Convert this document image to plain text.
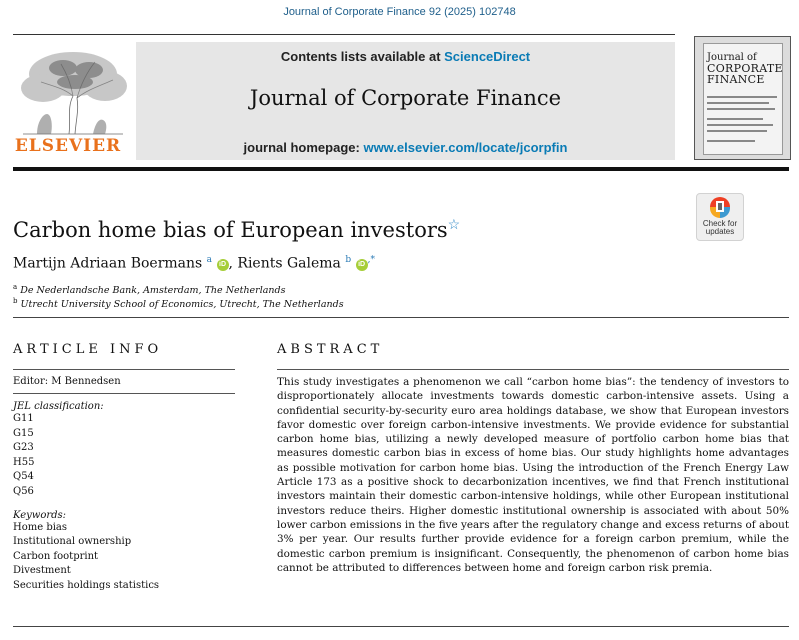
Journal of Corporate Finance 92 (2025) 102748
ELSEVIER
Contents lists available at ScienceDirect
Journal of Corporate Finance
journal homepage: www.elsevier.com/locate/jcorpfin
Journal of
CORPORATE
FINANCE
Check for
updates
Carbon home bias of European investors☆
Martijn Adriaan Boermans $^a$ iD , Rients Galema $^b$ iD ,*
$^a$ De Nederlandsche Bank, Amsterdam, The Netherlands
$^b$ Utrecht University School of Economics, Utrecht, The Netherlands
ARTICLE INFO	ABSTRACT
Editor: M Bennedsen
JEL classification:
G11
G15
G23
H55
Q54
Q56
Keywords:
Home bias
Institutional ownership
Carbon footprint
Divestment
Securities holdings statistics
This study investigates a phenomenon we call “carbon home bias”: the tendency of investors to disproportionately allocate investments towards domestic carbon-intensive assets. Using a confidential security-by-security euro area holdings database, we show that European investors favor domestic over foreign carbon-intensive investments. We provide evidence for substantial carbon home bias, utilizing a newly developed measure of portfolio carbon home bias that measures domestic carbon bias in excess of home bias. Our study highlights home advantages as possible motivation for carbon home bias. Using the introduction of the French Energy Law Article 173 as a positive shock to decarbonization incentives, we find that French institutional investors maintain their domestic carbon-intensive holdings, while other European institutional investors reduce theirs. Higher domestic institutional ownership is associated with about 50% lower carbon emissions in the five years after the regulatory change and excess returns of about 3% per year. Our results further provide evidence for a foreign carbon premium, while the domestic carbon premium is insignificant. Consequently, the phenomenon of carbon home bias cannot be attributed to differences between home and foreign carbon risk premia.
